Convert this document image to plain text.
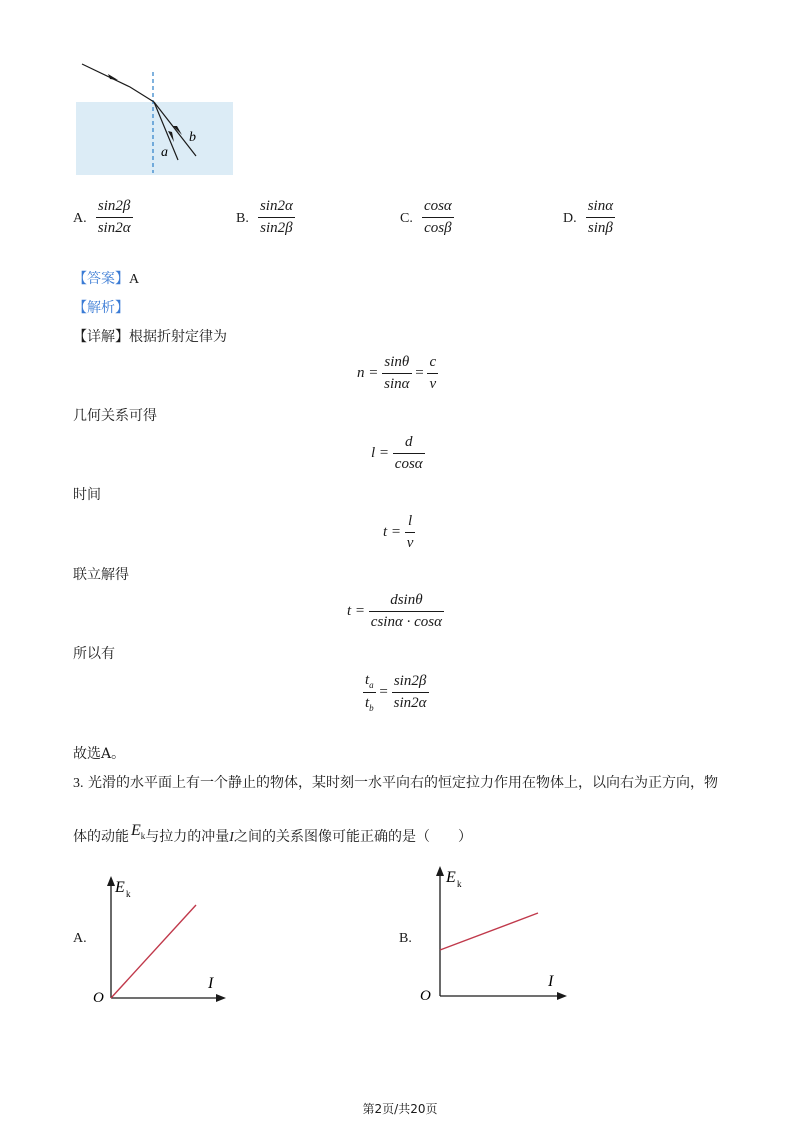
a
b
A. $\frac{\sin 2\beta}{\sin 2\alpha}$	B. $\frac{\sin 2\alpha}{\sin 2\beta}$	C. $\frac{\cos\alpha}{\cos\beta}$	D. $\frac{\sin\alpha}{\sin\beta}$
【答案】A
【解析】
【详解】根据折射定律为
$n = \frac{\sin\theta}{\sin\alpha} = \frac{c}{v}$
几何关系可得
$l = \frac{d}{\cos\alpha}$
时间
$t = \frac{l}{v}$
联立解得
$t = \frac{dsin\theta}{csin\alpha \cdot \cos\alpha}$
所以有
$\frac{t_a}{t_b} = \frac{\sin 2\beta}{\sin 2\alpha}$
故选A。
3. 光滑的水平面上有一个静止的物体，某时刻一水平向右的恒定拉力作用在物体上，以向右为正方向，物
体的动能 $E_k$与拉力的冲量I之间的关系图像可能正确的是（　　）
A.
E k
I
O
B.
E k
I
O
第2页/共20页
